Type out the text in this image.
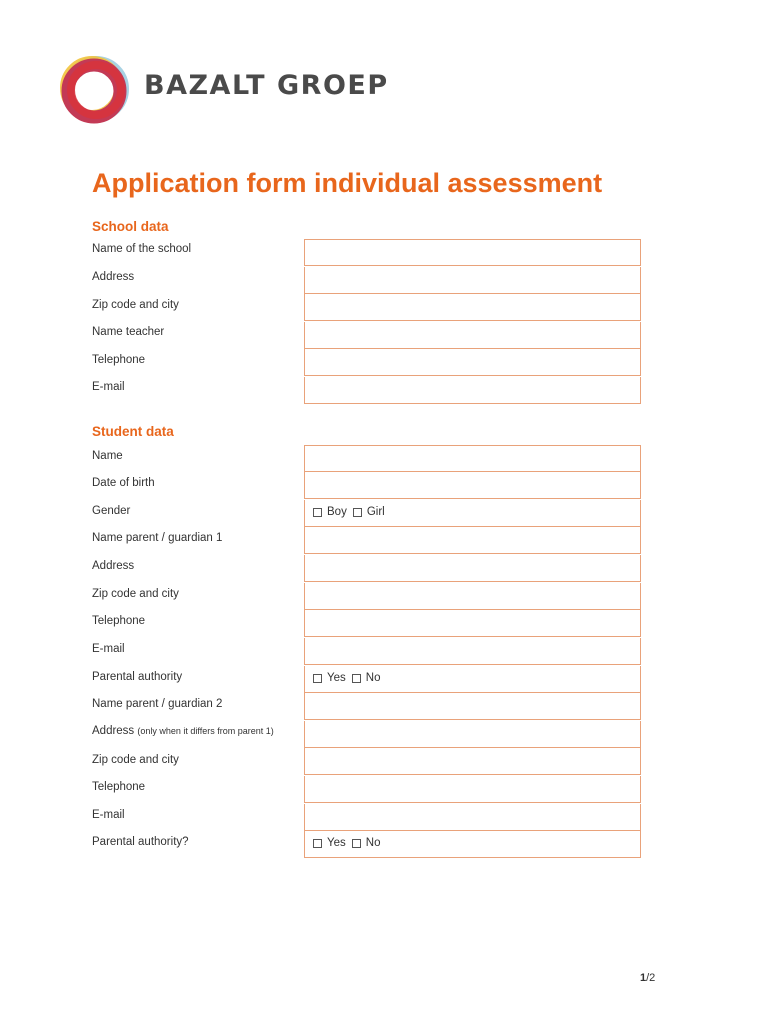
BAZALT GROEP
Application form individual assessment
School data
Name of the school
Address
Zip code and city
Name teacher
Telephone
E-mail
Student data
Name
Date of birth
Gender
Name parent / guardian 1
Address
Zip code and city
Telephone
E-mail
Parental authority
Name parent / guardian 2
Address (only when it differs from parent 1)
Zip code and city
Telephone
E-mail
Parental authority?
Boy Girl
Yes No
Yes No
1/2
